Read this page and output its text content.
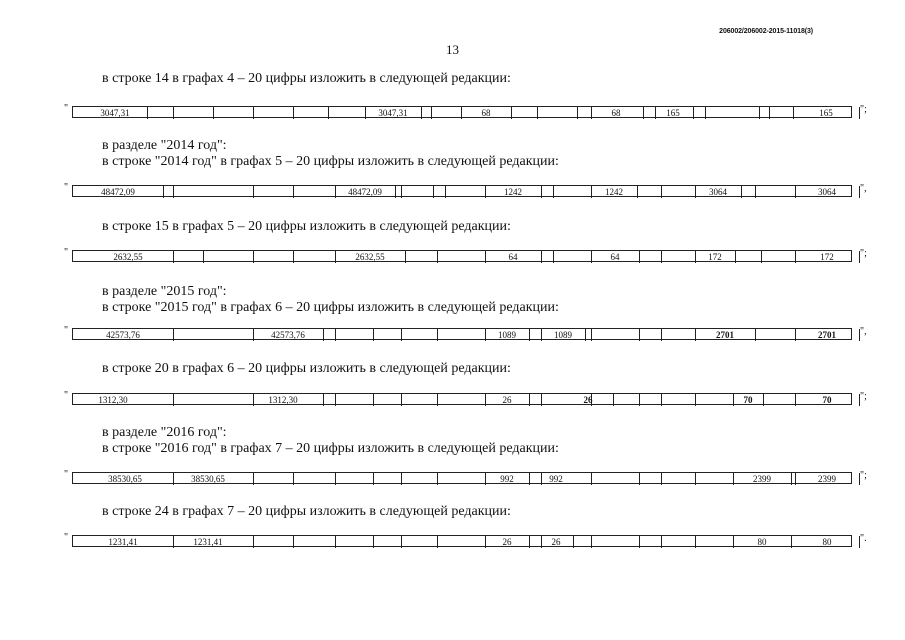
206002/206002-2015-11018(3)
13
в строке 14 в графах 4 – 20 цифры изложить в следующей редакции:
в разделе "2014 год":
в строке "2014 год" в графах 5 – 20 цифры изложить в следующей редакции:
в строке 15 в графах 5 – 20 цифры изложить в следующей редакции:
в разделе "2015 год":
в строке "2015 год" в графах 6 – 20 цифры изложить в следующей редакции:
в строке 20 в графах 6 – 20 цифры изложить в следующей редакции:
в разделе "2016 год":
в строке "2016 год" в графах 7 – 20 цифры изложить в следующей редакции:
в строке 24 в графах 7 – 20 цифры изложить в следующей редакции:
"	3047,31	3047,31	68	68	165	165	";
"	48472,09	48472,09	1242	1242	3064	3064	",
"	2632,55	2632,55	64	64	172	172	";
"	42573,76	42573,76	1089	1089	2701	2701	",
"	1312,30	1312,30	26	26	70	70	";
"	38530,65	38530,65	992	992	2399	2399	";
"	1231,41	1231,41	26	26	80	80	".
